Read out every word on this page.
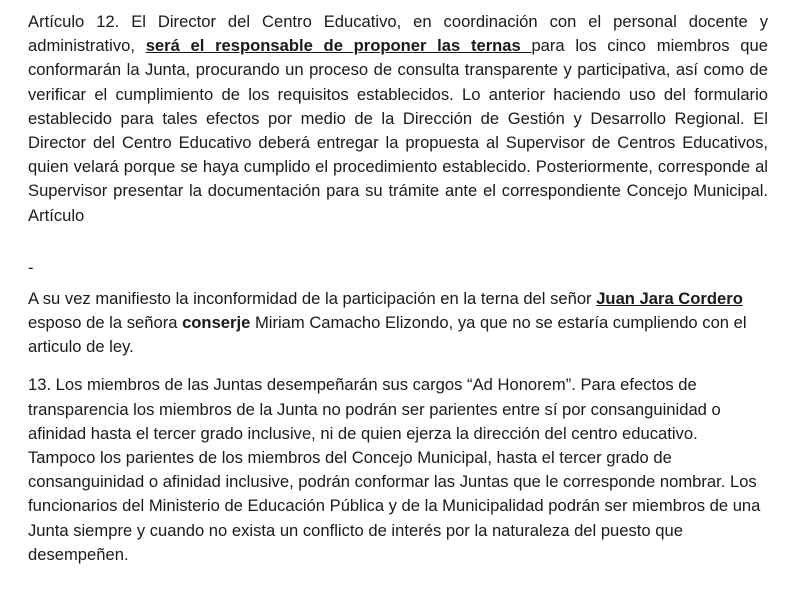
Artículo 12. El Director del Centro Educativo, en coordinación con el personal docente y administrativo, será el responsable de proponer las ternas para los cinco miembros que conformarán la Junta, procurando un proceso de consulta transparente y participativa, así como de verificar el cumplimiento de los requisitos establecidos. Lo anterior haciendo uso del formulario establecido para tales efectos por medio de la Dirección de Gestión y Desarrollo Regional. El Director del Centro Educativo deberá entregar la propuesta al Supervisor de Centros Educativos, quien velará porque se haya cumplido el procedimiento establecido. Posteriormente, corresponde al Supervisor presentar la documentación para su trámite ante el correspondiente Concejo Municipal. Artículo

-

A su vez manifiesto la inconformidad de la participación en la terna del señor Juan Jara Cordero esposo de la señora conserje Miriam Camacho Elizondo, ya que no se estaría cumpliendo con el articulo de ley.

13. Los miembros de las Juntas desempeñarán sus cargos “Ad Honorem”. Para efectos de transparencia los miembros de la Junta no podrán ser parientes entre sí por consanguinidad o afinidad hasta el tercer grado inclusive, ni de quien ejerza la dirección del centro educativo. Tampoco los parientes de los miembros del Concejo Municipal, hasta el tercer grado de consanguinidad o afinidad inclusive, podrán conformar las Juntas que le corresponde nombrar. Los funcionarios del Ministerio de Educación Pública y de la Municipalidad podrán ser miembros de una Junta siempre y cuando no exista un conflicto de interés por la naturaleza del puesto que desempeñen.
